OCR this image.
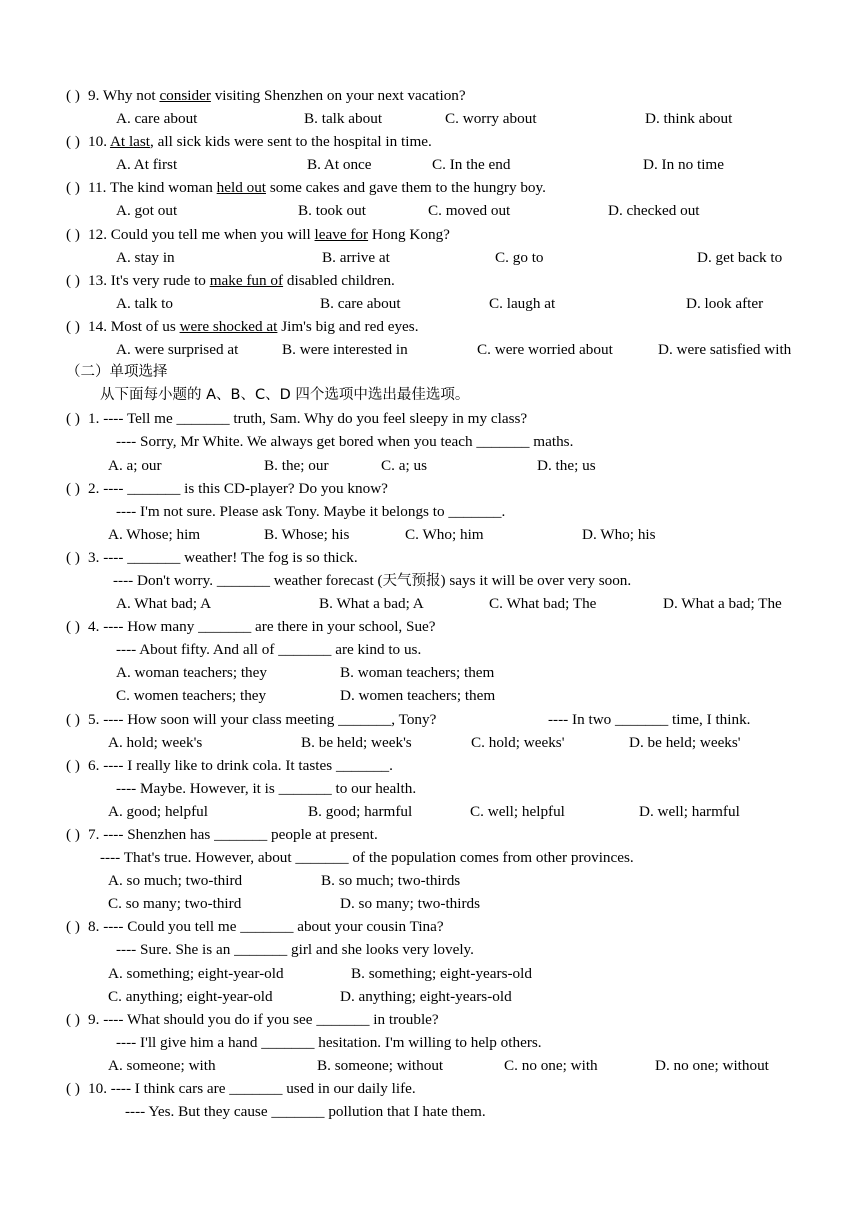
( ) 9. Why not consider visiting Shenzhen on your next vacation?
A. care about	B. talk about	C. worry about	D. think about
( ) 10. At last, all sick kids were sent to the hospital in time.
A. At first	B. At once	C. In the end	D. In no time
( ) 11. The kind woman held out some cakes and gave them to the hungry boy.
A. got out	B. took out	C. moved out	D. checked out
( ) 12. Could you tell me when you will leave for Hong Kong?
A. stay in	B. arrive at	C. go to	D. get back to
( ) 13. It's very rude to make fun of disabled children.
A. talk to	B. care about	C. laugh at	D. look after
( ) 14. Most of us were shocked at Jim's big and red eyes.
A. were surprised at	B. were interested in	C. were worried about	D. were satisfied with
（二）单项选择
从下面每小题的 A、B、C、D 四个选项中选出最佳选项。
( ) 1. ---- Tell me _______ truth, Sam. Why do you feel sleepy in my class?
---- Sorry, Mr White. We always get bored when you teach _______ maths.
A. a; our	B. the; our	C. a; us	D. the; us
( ) 2. ---- _______ is this CD-player? Do you know?
---- I'm not sure. Please ask Tony. Maybe it belongs to _______.
A. Whose; him	B. Whose; his	C. Who; him	D. Who; his
( ) 3. ---- _______ weather! The fog is so thick.
---- Don't worry. _______ weather forecast (天气预报) says it will be over very soon.
A. What bad; A	B. What a bad; A	C. What bad; The	D. What a bad; The
( ) 4. ---- How many _______ are there in your school, Sue?
---- About fifty. And all of _______ are kind to us.
A. woman teachers; they	B. woman teachers; them
C. women teachers; they	D. women teachers; them
( ) 5. ---- How soon will your class meeting _______, Tony?	---- In two _______ time, I think.
A. hold; week's	B. be held; week's	C. hold; weeks'	D. be held; weeks'
( ) 6. ---- I really like to drink cola. It tastes _______.
---- Maybe. However, it is _______ to our health.
A. good; helpful	B. good; harmful	C. well; helpful	D. well; harmful
( ) 7. ---- Shenzhen has _______ people at present.
---- That's true. However, about _______ of the population comes from other provinces.
A. so much; two-third	B. so much; two-thirds
C. so many; two-third	D. so many; two-thirds
( ) 8. ---- Could you tell me _______ about your cousin Tina?
---- Sure. She is an _______ girl and she looks very lovely.
A. something; eight-year-old	B. something; eight-years-old
C. anything; eight-year-old	D. anything; eight-years-old
( ) 9. ---- What should you do if you see _______ in trouble?
---- I'll give him a hand _______ hesitation. I'm willing to help others.
A. someone; with	B. someone; without	C. no one; with	D. no one; without
( ) 10. ---- I think cars are _______ used in our daily life.
---- Yes. But they cause _______ pollution that I hate them.
